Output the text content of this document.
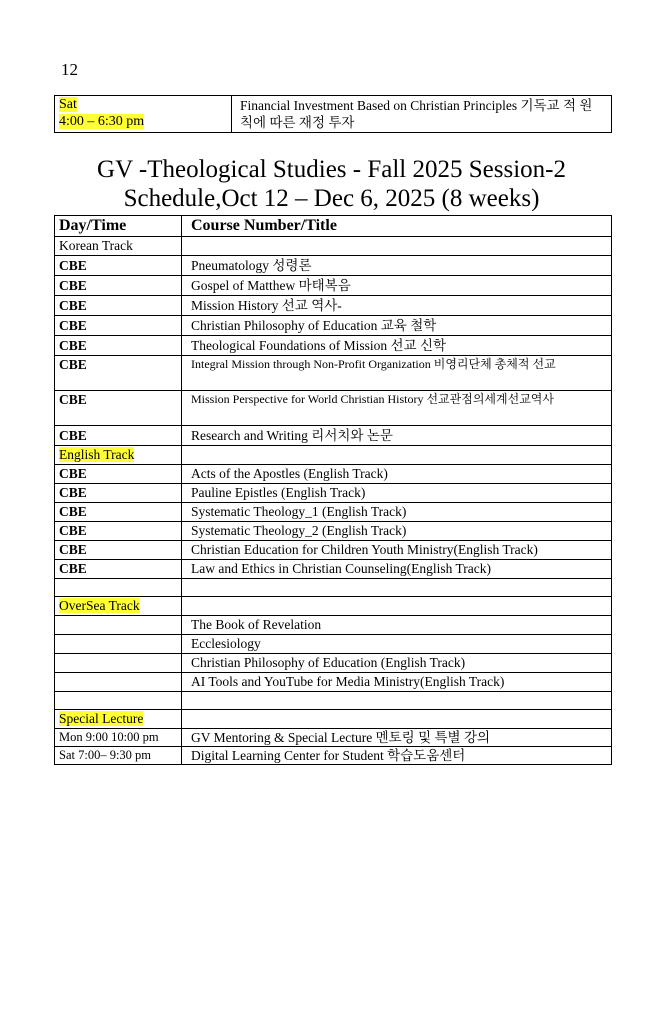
12
Sat
4:00 – 6:30 pm	Financial Investment Based on Christian Principles 기독교 적 원칙에 따른 재정 투자
GV -Theological Studies - Fall 2025 Session-2
Schedule,Oct 12 – Dec 6, 2025 (8 weeks)
Day/Time	Course Number/Title
Korean Track	
CBE	Pneumatology 성령론
CBE	Gospel of Matthew 마태복음
CBE	Mission History 선교 역사-
CBE	Christian Philosophy of Education 교육 철학
CBE	Theological Foundations of Mission 선교 신학
CBE	Integral Mission through Non-Profit Organization 비영리단체 총체적 선교
CBE	Mission Perspective for World Christian History 선교관점의세계선교역사
CBE	Research and Writing 리서치와 논문
English Track	
CBE	Acts of the Apostles (English Track)
CBE	Pauline Epistles (English Track)
CBE	Systematic Theology_1 (English Track)
CBE	Systematic Theology_2 (English Track)
CBE	Christian Education for Children Youth Ministry(English Track)
CBE	Law and Ethics in Christian Counseling(English Track)

OverSea Track	
	The Book of Revelation
	Ecclesiology
	Christian Philosophy of Education (English Track)
	AI Tools and YouTube for Media Ministry(English Track)

Special Lecture	
Mon 9:00 10:00 pm	GV Mentoring & Special Lecture 멘토링 및 특별 강의
Sat 7:00– 9:30 pm	Digital Learning Center for Student 학습도움센터
